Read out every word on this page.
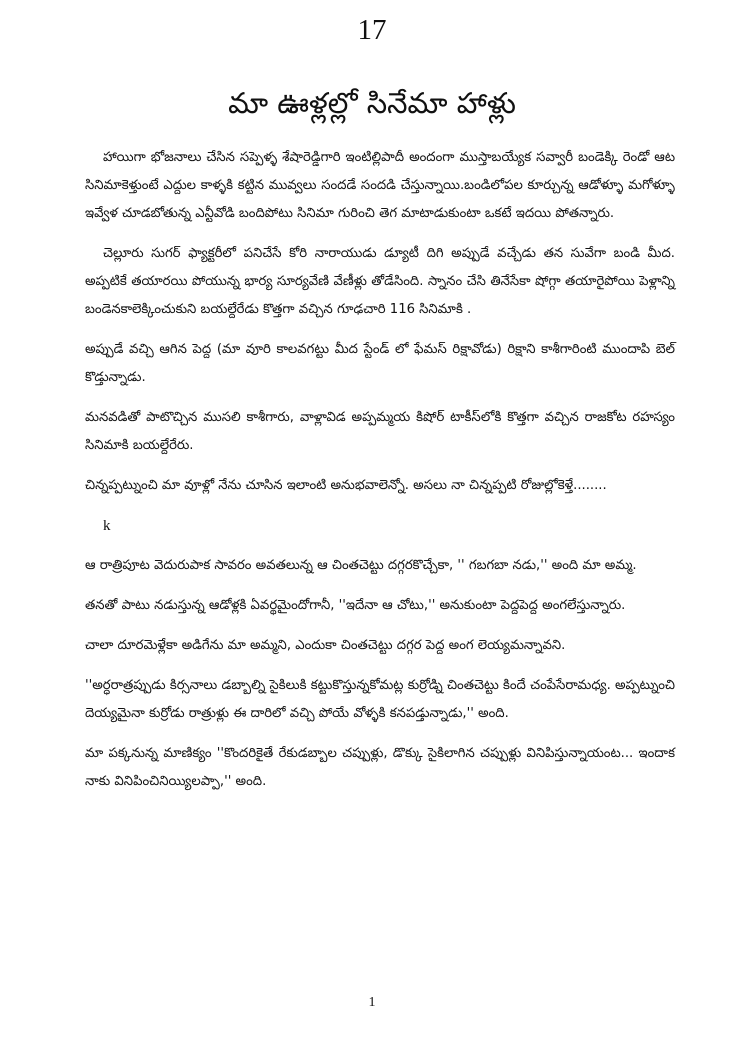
17
మా ఊళ్లల్లో సినేమా హాళ్లు

హాయిగా భోజనాలు చేసిన సప్పెళ్ళ శేషారెడ్డిగారి ఇంటిల్లిపాదీ అందంగా ముస్తాబయ్యేక సవ్వారీ బండెక్కి రెండో ఆట సినిమాకెళ్తుంటే ఎద్దుల కాళ్ళకి కట్టిన మువ్వలు సందడే సందడి చేస్తున్నాయి.బండిలోపల కూర్చున్న ఆడోళ్ళూ మగోళ్ళూ ఇవ్వేళ చూడబోతున్న ఎన్టీవోడి బందిపోటు సినిమా గురించి తెగ మాటాడుకుంటా ఒకటే ఇదయి పోతన్నారు.

చెల్లూరు సుగర్ ఫ్యాక్టరీలో పనిచేసే కోరి నారాయుడు డ్యూటీ దిగి అప్పుడే వచ్చేడు తన సువేగా బండి మీద. అప్పటికే తయారయి పోయున్న భార్య సూర్యవేణి వేణీళ్లు తోడేసింది. స్నానం చేసి తినేసేకా షోగ్గా తయారైపోయి పెళ్లాన్ని బండెనకాలెక్కించుకుని బయల్దేరేడు కొత్తగా వచ్చిన గూఢచారి 116 సినిమాకి .

అప్పుడే వచ్చి ఆగిన పెద్ద (మా వూరి కాలవగట్టు మీద స్టేండ్ లో ఫేమస్ రిక్షావోడు) రిక్షాని కాశీగారింటి ముందాపి బెల్ కొడ్తున్నాడు.

మనవడితో పాటొచ్చిన ముసలి కాశీగారు, వాళ్లావిడ అప్పమ్మయ కిషోర్ టాకీస్‌లోకి కొత్తగా వచ్చిన రాజకోట రహస్యం సినిమాకి బయల్దేరేరు.

చిన్నప్పట్నుంచి మా వూళ్లో నేను చూసిన ఇలాంటి అనుభవాలెన్నో. అసలు నా చిన్నప్పటి రోజుల్లోకెళ్తే........

k

ఆ రాత్రిపూట వెదురుపాక సావరం అవతలున్న ఆ చింతచెట్టు దగ్గరకొచ్చేకా, '' గబగబా నడు,'' అంది మా అమ్మ.

తనతో పాటు నడుస్తున్న ఆడోళ్లకి ఏవర్థమైందోగానీ, ''ఇదేనా ఆ చోటు,'' అనుకుంటా పెద్దపెద్ద అంగలేస్తున్నారు.

చాలా దూరమెళ్లేకా అడిగేను మా అమ్మని, ఎందుకా చింతచెట్టు దగ్గర పెద్ద అంగ లెయ్యమన్నావని.

''అర్ధరాత్రప్పుడు కిర్సనాలు డబ్బాల్ని సైకిలుకి కట్టుకొస్తున్నకోమట్ల కుర్రోడ్ని చింతచెట్టు కిందే చంపేసేరామధ్య. అప్పట్నుంచి దెయ్యమైనా కుర్రోడు రాత్రుళ్లు ఈ దారిలో వచ్చి పోయే వోళ్ళకి కనపడ్తున్నాడు,'' అంది.

మా పక్కనున్న మాణిక్యం ''కొందరికైతే రేకుడబ్బాల చప్పుళ్లు, డొక్కు సైకిలాగిన చప్పుళ్లు వినిపిస్తున్నాయంట... ఇందాక నాకు వినిపించినియ్యిలప్పా,'' అంది.

1
